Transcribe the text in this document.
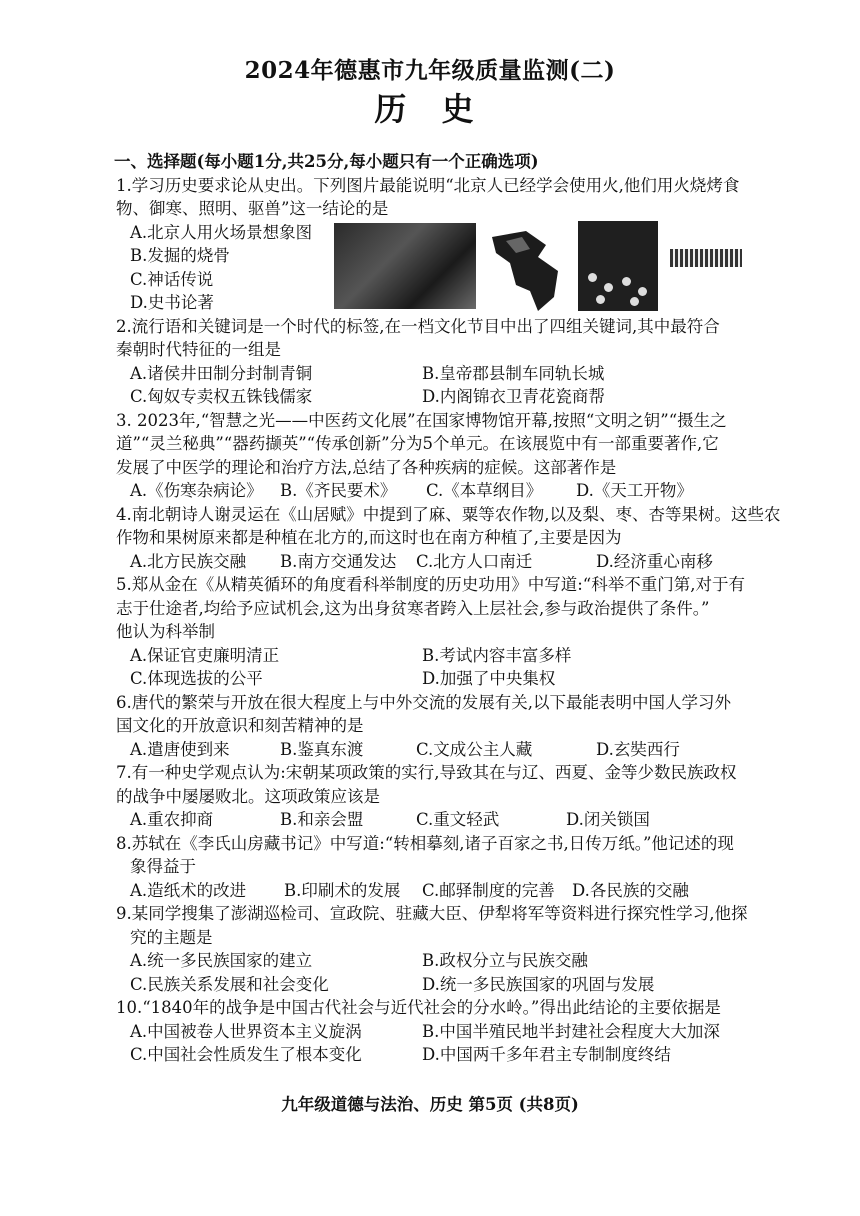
2024年德惠市九年级质量监测(二)
历 史
一、选择题(每小题1分,共25分,每小题只有一个正确选项)
1.学习历史要求论从史出。下列图片最能说明“北京人已经学会使用火,他们用火烧烤食
物、御寒、照明、驱兽”这一结论的是
A.北京人用火场景想象图
B.发掘的烧骨
C.神话传说
D.史书论著
2.流行语和关键词是一个时代的标签,在一档文化节目中出了四组关键词,其中最符合
秦朝时代特征的一组是
A.诸侯井田制分封制青铜	B.皇帝郡县制车同轨长城
C.匈奴专卖权五铢钱儒家	D.内阁锦衣卫青花瓷商帮
3. 2023年,“智慧之光——中医药文化展”在国家博物馆开幕,按照“文明之钥”“摄生之
道”“灵兰秘典”“器药撷英”“传承创新”分为5个单元。在该展览中有一部重要著作,它
发展了中医学的理论和治疗方法,总结了各种疾病的症候。这部著作是
A.《伤寒杂病论》	B.《齐民要术》	C.《本草纲目》	D.《天工开物》
4.南北朝诗人谢灵运在《山居赋》中提到了麻、粟等农作物,以及梨、枣、杏等果树。这些农
作物和果树原来都是种植在北方的,而这时也在南方种植了,主要是因为
A.北方民族交融	B.南方交通发达	C.北方人口南迁	D.经济重心南移
5.郑从金在《从精英循环的角度看科举制度的历史功用》中写道:“科举不重门第,对于有
志于仕途者,均给予应试机会,这为出身贫寒者跨入上层社会,参与政治提供了条件。”
他认为科举制
A.保证官吏廉明清正	B.考试内容丰富多样
C.体现选拔的公平	D.加强了中央集权
6.唐代的繁荣与开放在很大程度上与中外交流的发展有关,以下最能表明中国人学习外
国文化的开放意识和刻苦精神的是
A.遣唐使到来	B.鉴真东渡	C.文成公主人藏	D.玄奘西行
7.有一种史学观点认为:宋朝某项政策的实行,导致其在与辽、西夏、金等少数民族政权
的战争中屡屡败北。这项政策应该是
A.重农抑商	B.和亲会盟	C.重文轻武	D.闭关锁国
8.苏轼在《李氏山房藏书记》中写道:“转相摹刻,诸子百家之书,日传万纸。”他记述的现
象得益于
A.造纸术的改进	B.印刷术的发展	C.邮驿制度的完善	D.各民族的交融
9.某同学搜集了澎湖巡检司、宣政院、驻藏大臣、伊犁将军等资料进行探究性学习,他探
究的主题是
A.统一多民族国家的建立	B.政权分立与民族交融
C.民族关系发展和社会变化	D.统一多民族国家的巩固与发展
10.“1840年的战争是中国古代社会与近代社会的分水岭。”得出此结论的主要依据是
A.中国被卷人世界资本主义旋涡	B.中国半殖民地半封建社会程度大大加深
C.中国社会性质发生了根本变化	D.中国两千多年君主专制制度终结
九年级道德与法治、历史 第5页 (共8页)
